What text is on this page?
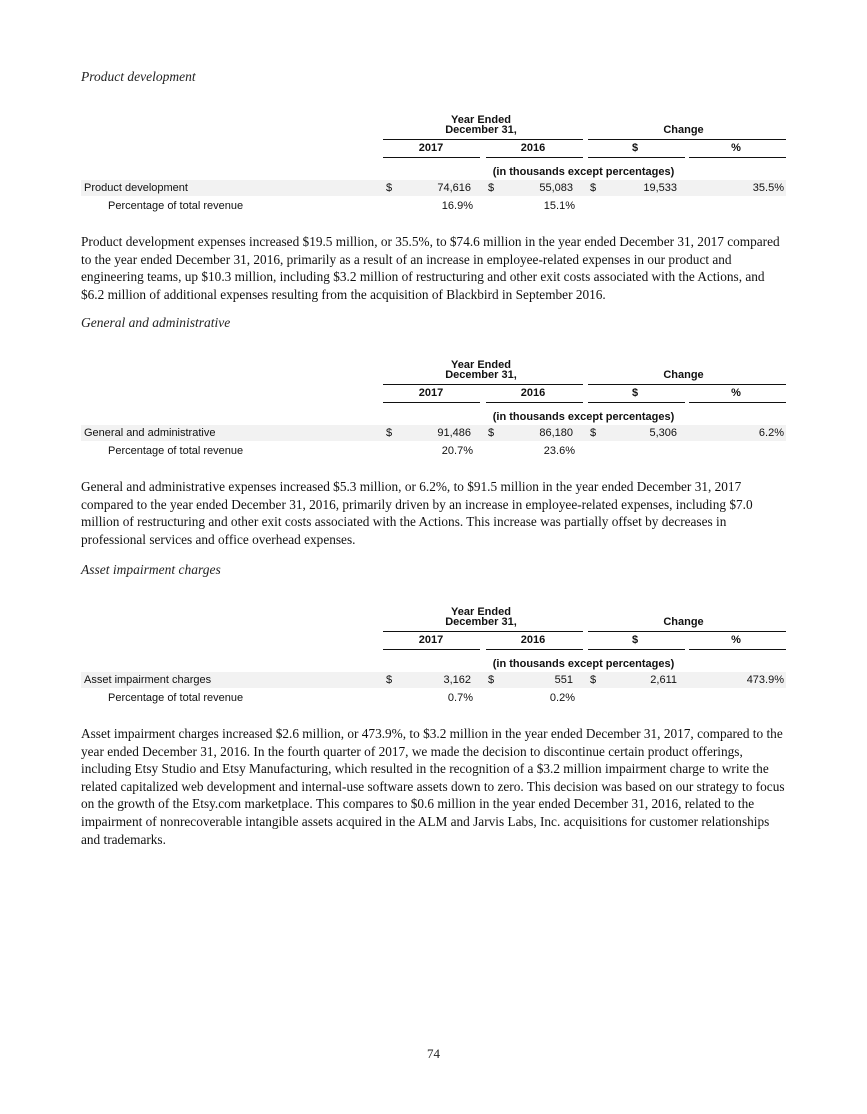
Product development
Year Ended
December 31,	Change
2017	2016	$	%
(in thousands except percentages)
Product development	$	74,616 $	55,083 $	19,533	35.5%
Percentage of total revenue	16.9%	15.1%
Product development expenses increased $19.5 million, or 35.5%, to $74.6 million in the year ended December 31, 2017 compared to the year ended December 31, 2016, primarily as a result of an increase in employee-related expenses in our product and engineering teams, up $10.3 million, including $3.2 million of restructuring and other exit costs associated with the Actions, and $6.2 million of additional expenses resulting from the acquisition of Blackbird in September 2016.
General and administrative
Year Ended
December 31,	Change
2017	2016	$	%
(in thousands except percentages)
General and administrative	$	91,486 $	86,180 $	5,306	6.2%
Percentage of total revenue	20.7%	23.6%
General and administrative expenses increased $5.3 million, or 6.2%, to $91.5 million in the year ended December 31, 2017 compared to the year ended December 31, 2016, primarily driven by an increase in employee-related expenses, including $7.0 million of restructuring and other exit costs associated with the Actions. This increase was partially offset by decreases in professional services and office overhead expenses.
Asset impairment charges
Year Ended
December 31,	Change
2017	2016	$	%
(in thousands except percentages)
Asset impairment charges	$	3,162 $	551 $	2,611	473.9%
Percentage of total revenue	0.7%	0.2%
Asset impairment charges increased $2.6 million, or 473.9%, to $3.2 million in the year ended December 31, 2017, compared to the year ended December 31, 2016. In the fourth quarter of 2017, we made the decision to discontinue certain product offerings, including Etsy Studio and Etsy Manufacturing, which resulted in the recognition of a $3.2 million impairment charge to write the related capitalized web development and internal-use software assets down to zero. This decision was based on our strategy to focus on the growth of the Etsy.com marketplace. This compares to $0.6 million in the year ended December 31, 2016, related to the impairment of nonrecoverable intangible assets acquired in the ALM and Jarvis Labs, Inc. acquisitions for customer relationships and trademarks.
74
